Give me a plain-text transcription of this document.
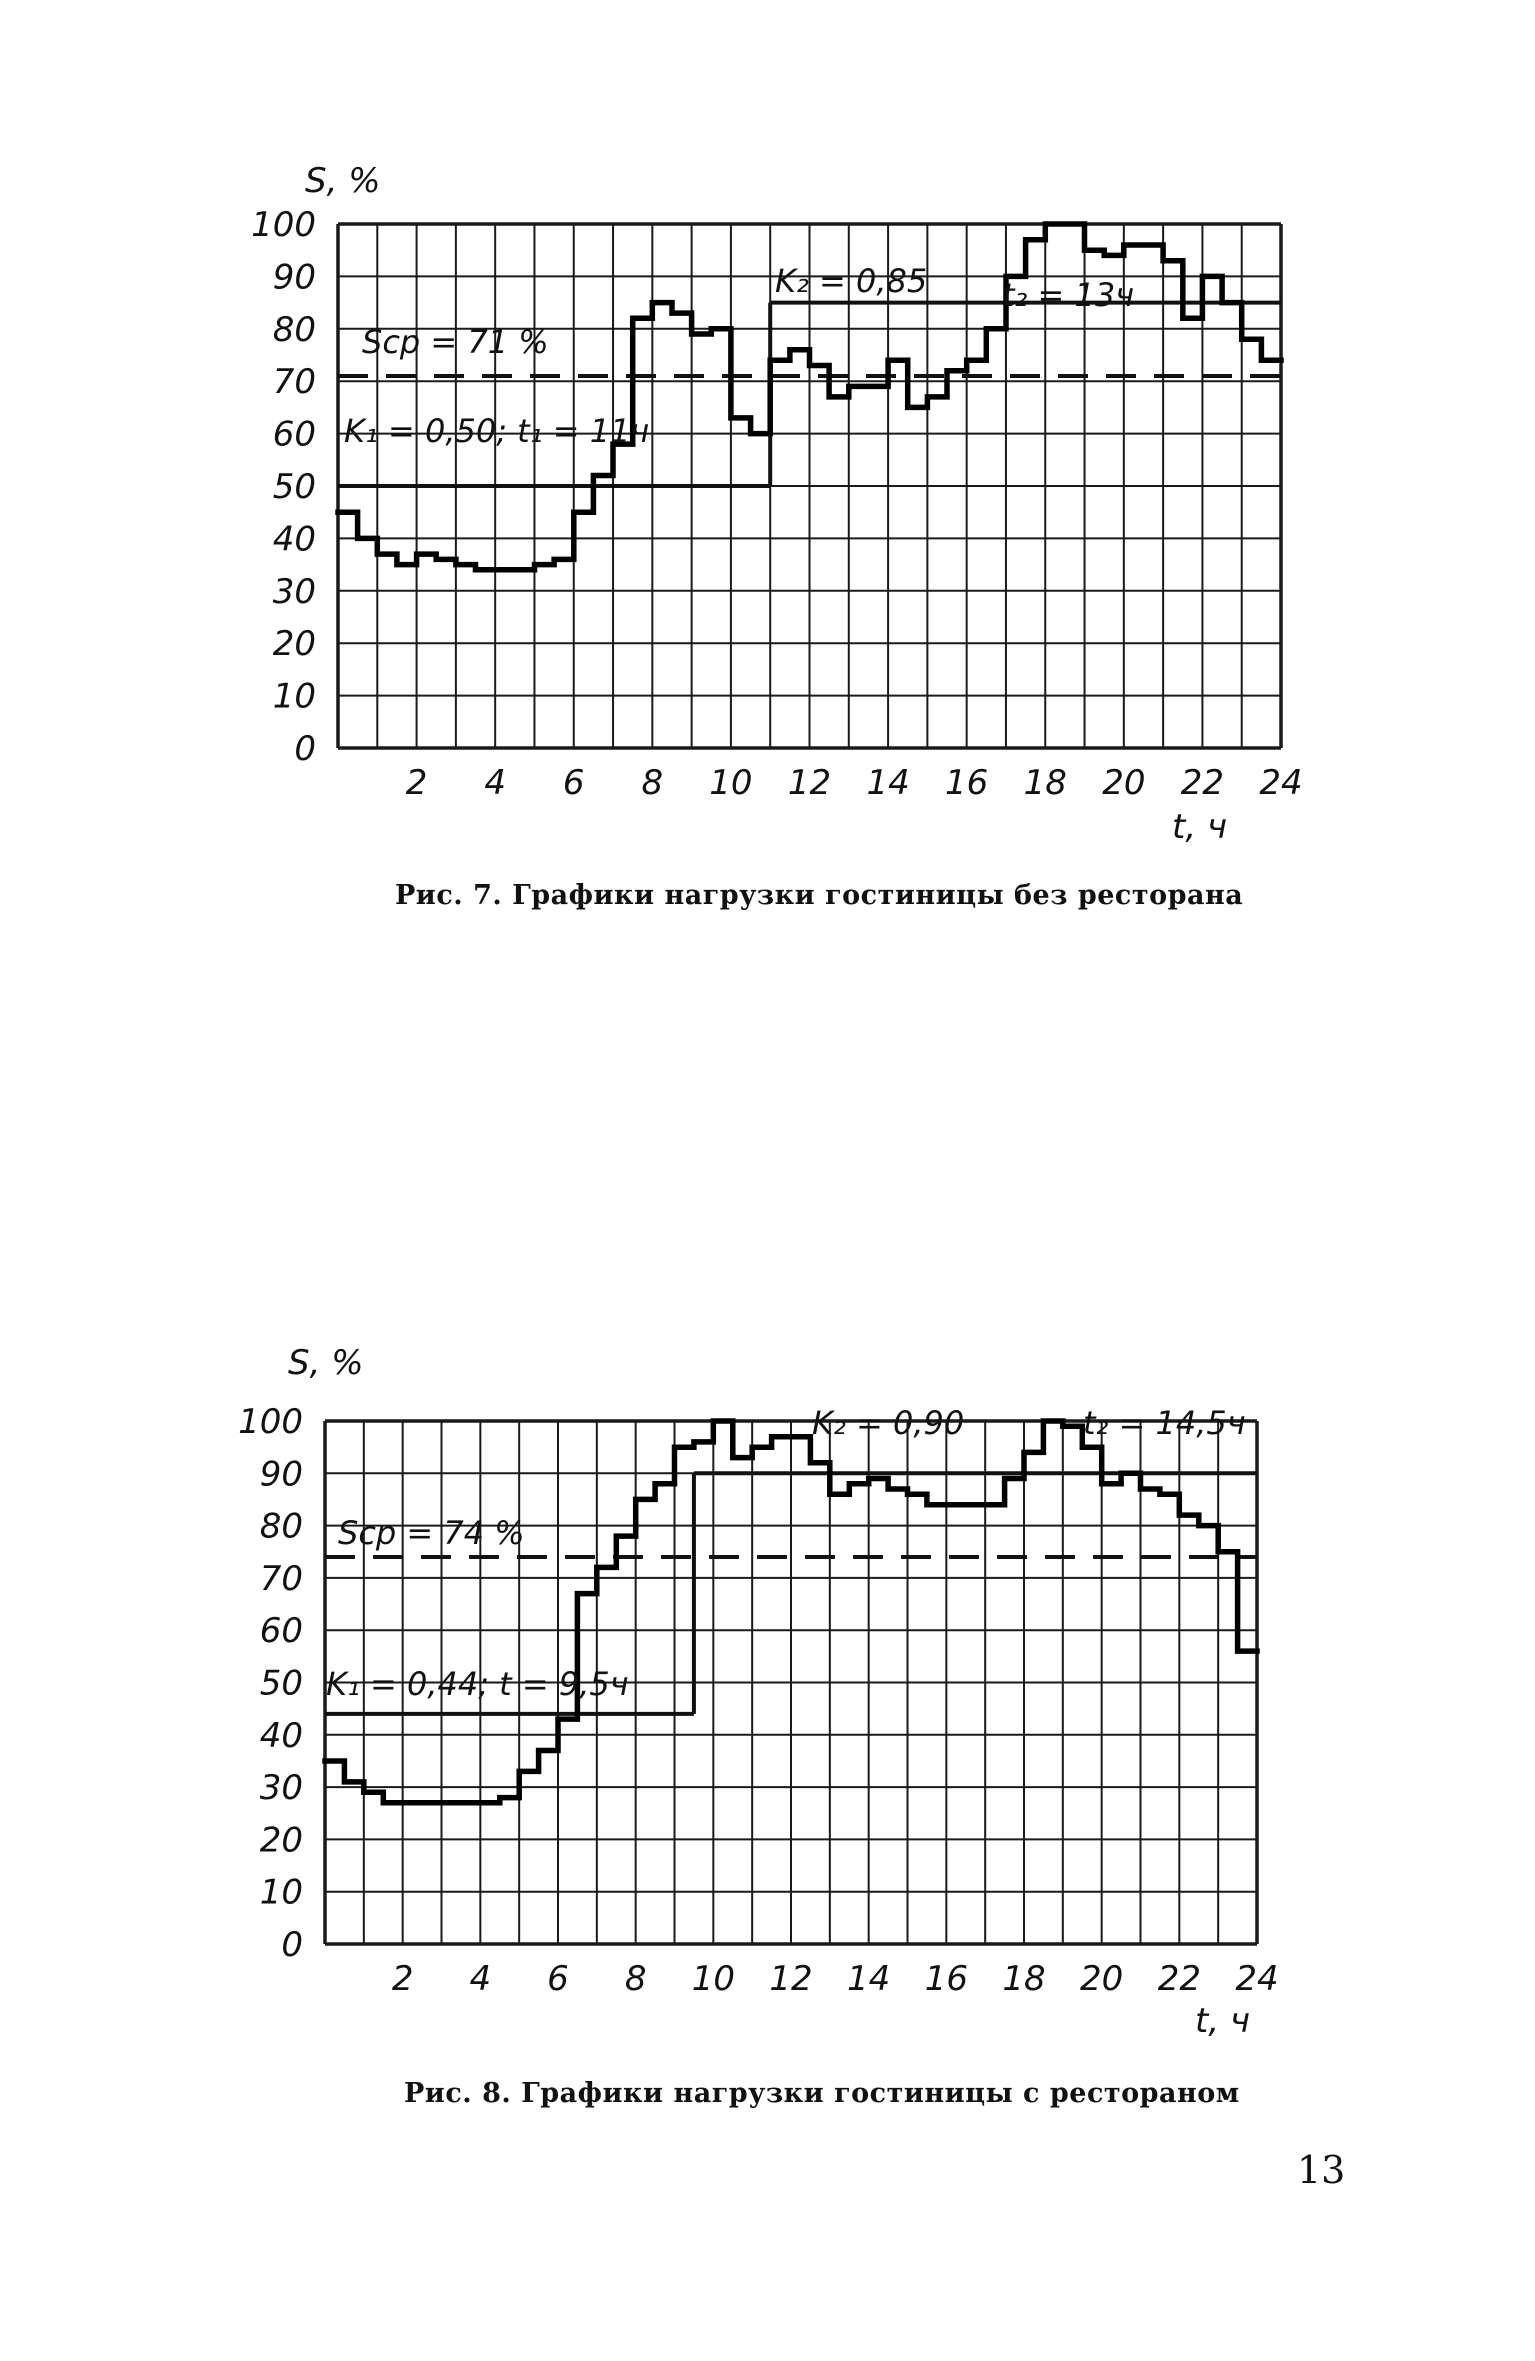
0
10
20
30
40
50
60
70
80
90
100
2 4 6 8 10 12 14 16 18 20 22 24
S, %
t, ч
Sср = 71 %
K₁ = 0,50; t₁ = 11ч
K₂ = 0,85 t₂ = 13ч
Рис. 7. Графики нагрузки гостиницы без ресторана
0
10
20
30
40
50
60
70
80
90
100
2 4 6 8 10 12 14 16 18 20 22 24
S, %
t, ч
Sср = 74 %
K₁ = 0,44; t = 9,5ч
K₂ = 0,90	t₂ = 14,5ч
Рис. 8. Графики нагрузки гостиницы с рестораном
13
